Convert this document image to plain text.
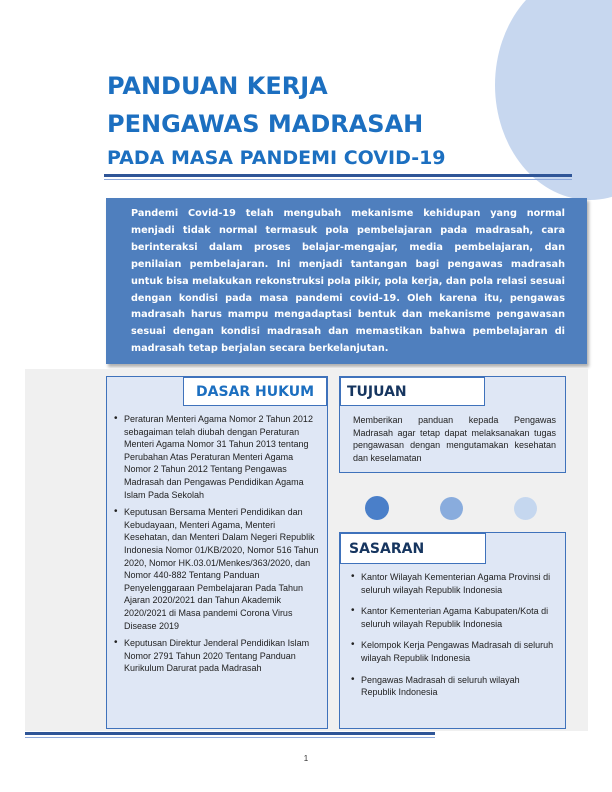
PANDUAN KERJA
PENGAWAS MADRASAH
PADA MASA PANDEMI COVID-19

Pandemi Covid-19 telah mengubah mekanisme kehidupan yang normal menjadi tidak normal termasuk pola pembelajaran pada madrasah, cara berinteraksi dalam proses belajar-mengajar, media pembelajaran, dan penilaian pembelajaran. Ini menjadi tantangan bagi pengawas madrasah untuk bisa melakukan rekonstruksi pola pikir, pola kerja, dan pola relasi sesuai dengan kondisi pada masa pandemi covid-19. Oleh karena itu, pengawas madrasah harus mampu mengadaptasi bentuk dan mekanisme pengawasan sesuai dengan kondisi madrasah dan memastikan bahwa pembelajaran di madrasah tetap berjalan secara berkelanjutan.

DASAR HUKUM
• Peraturan Menteri Agama Nomor 2 Tahun 2012 sebagaiman telah diubah dengan Peraturan Menteri Agama Nomor 31 Tahun 2013 tentang Perubahan Atas Peraturan Menteri Agama Nomor 2 Tahun 2012 Tentang Pengawas Madrasah dan Pengawas Pendidikan Agama Islam Pada Sekolah
• Keputusan Bersama Menteri Pendidikan dan Kebudayaan, Menteri Agama, Menteri Kesehatan, dan Menteri Dalam Negeri Republik Indonesia Nomor 01/KB/2020, Nomor 516 Tahun 2020, Nomor HK.03.01/Menkes/363/2020, dan Nomor 440-882 Tentang Panduan Penyelenggaraan Pembelajaran Pada Tahun Ajaran 2020/2021 dan Tahun Akademik 2020/2021 di Masa pandemi Corona Virus Disease 2019
• Keputusan Direktur Jenderal Pendidikan Islam Nomor 2791 Tahun 2020 Tentang Panduan Kurikulum Darurat pada Madrasah
TUJUAN

Memberikan panduan kepada Pengawas Madrasah agar tetap dapat melaksanakan tugas pengawasan dengan mengutamakan kesehatan dan keselamatan

SASARAN
• Kantor Wilayah Kementerian Agama Provinsi di seluruh wilayah Republik Indonesia
• Kantor Kementerian Agama Kabupaten/Kota di seluruh wilayah Republik Indonesia
• Kelompok Kerja Pengawas Madrasah di seluruh wilayah Republik Indonesia
• Pengawas Madrasah di seluruh wilayah Republik Indonesia
1
